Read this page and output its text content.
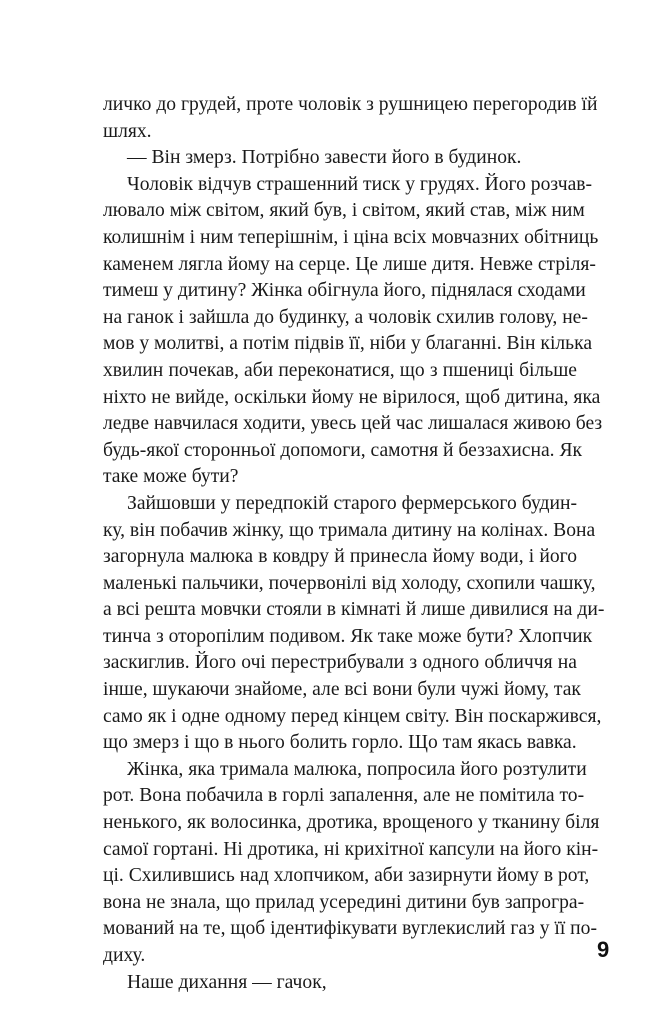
личко до грудей, проте чоловік з рушницею перегородив їй
шлях.
— Він змерз. Потрібно завести його в будинок.
Чоловік відчув страшенний тиск у грудях. Його розчав-
лювало між світом, який був, і світом, який став, між ним
колишнім і ним теперішнім, і ціна всіх мовчазних обітниць
каменем лягла йому на серце. Це лише дитя. Невже стріля-
тимеш у дитину? Жінка обігнула його, піднялася сходами
на ганок і зайшла до будинку, а чоловік схилив голову, не-
мов у молитві, а потім підвів її, ніби у благанні. Він кілька
хвилин почекав, аби переконатися, що з пшениці більше
ніхто не вийде, оскільки йому не вірилося, щоб дитина, яка
ледве навчилася ходити, увесь цей час лишалася живою без
будь-якої сторонньої допомоги, самотня й беззахисна. Як
таке може бути?
Зайшовши у передпокій старого фермерського будин-
ку, він побачив жінку, що тримала дитину на колінах. Вона
загорнула малюка в ковдру й принесла йому води, і його
маленькі пальчики, почервонілі від холоду, схопили чашку,
а всі решта мовчки стояли в кімнаті й лише дивилися на ди-
тинча з оторопілим подивом. Як таке може бути? Хлопчик
заскиглив. Його очі перестрибували з одного обличчя на
інше, шукаючи знайоме, але всі вони були чужі йому, так
само як і одне одному перед кінцем світу. Він поскаржився,
що змерз і що в нього болить горло. Що там якась вавка.
Жінка, яка тримала малюка, попросила його розтулити
рот. Вона побачила в горлі запалення, але не помітила то-
ненького, як волосинка, дротика, врощеного у тканину біля
самої гортані. Ні дротика, ні крихітної капсули на його кін-
ці. Схилившись над хлопчиком, аби зазирнути йому в рот,
вона не знала, що прилад усередині дитини був запрогра-
мований на те, щоб ідентифікувати вуглекислий газ у її по-
диху.
Наше дихання — гачок,
9
